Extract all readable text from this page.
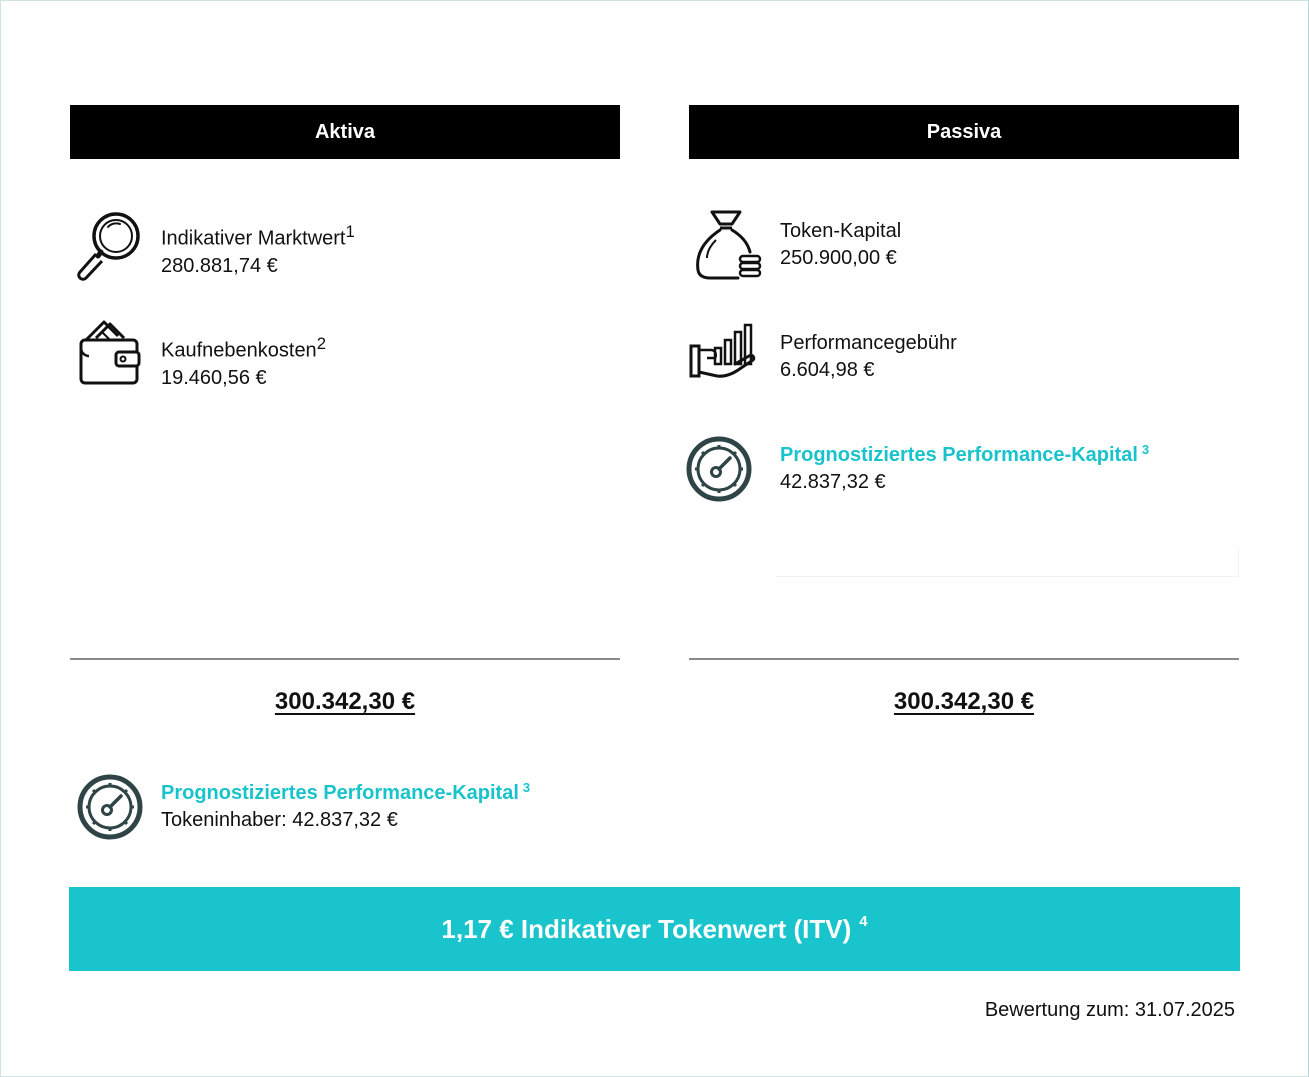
Aktiva	Passiva
Indikativer Marktwert$^1$
280.881,74 €
Kaufnebenkosten$^2$
19.460,56 €
Token-Kapital
250.900,00 €
Performancegebühr
6.604,98 €
Prognostiziertes Performance-Kapital $^3$
42.837,32 €
300.342,30 €	300.342,30 €
Prognostiziertes Performance-Kapital $^3$
Tokeninhaber: 42.837,32 €
1,17 € Indikativer Tokenwert (ITV) $^4$
Bewertung zum: 31.07.2025
